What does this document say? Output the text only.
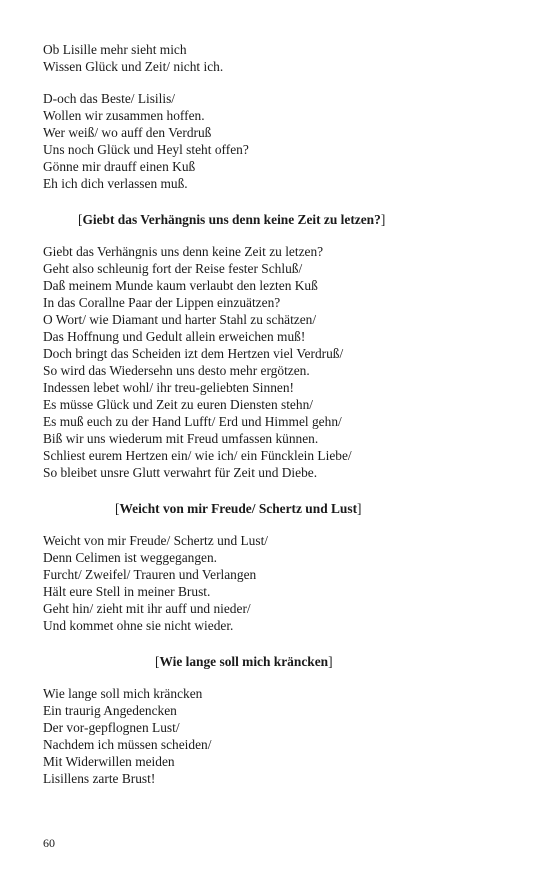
Ob Lisille mehr sieht mich
Wissen Glück und Zeit/ nicht ich.
D-och das Beste/ Lisilis/
Wollen wir zusammen hoffen.
Wer weiß/ wo auff den Verdruß
Uns noch Glück und Heyl steht offen?
Gönne mir drauff einen Kuß
Eh ich dich verlassen muß.
[Giebt das Verhängnis uns denn keine Zeit zu letzen?]
Giebt das Verhängnis uns denn keine Zeit zu letzen?
Geht also schleunig fort der Reise fester Schluß/
Daß meinem Munde kaum verlaubt den lezten Kuß
In das Corallne Paar der Lippen einzuätzen?
O Wort/ wie Diamant und harter Stahl zu schätzen/
Das Hoffnung und Gedult allein erweichen muß!
Doch bringt das Scheiden izt dem Hertzen viel Verdruß/
So wird das Wiedersehn uns desto mehr ergötzen.
Indessen lebet wohl/ ihr treu-geliebten Sinnen!
Es müsse Glück und Zeit zu euren Diensten stehn/
Es muß euch zu der Hand Lufft/ Erd und Himmel gehn/
Biß wir uns wiederum mit Freud umfassen künnen.
Schliest eurem Hertzen ein/ wie ich/ ein Füncklein Liebe/
So bleibet unsre Glutt verwahrt für Zeit und Diebe.
[Weicht von mir Freude/ Schertz und Lust]
Weicht von mir Freude/ Schertz und Lust/
Denn Celimen ist weggegangen.
Furcht/ Zweifel/ Trauren und Verlangen
Hält eure Stell in meiner Brust.
Geht hin/ zieht mit ihr auff und nieder/
Und kommet ohne sie nicht wieder.
[Wie lange soll mich kräncken]
Wie lange soll mich kräncken
Ein traurig Angedencken
Der vor-gepflognen Lust/
Nachdem ich müssen scheiden/
Mit Widerwillen meiden
Lisillens zarte Brust!
60
